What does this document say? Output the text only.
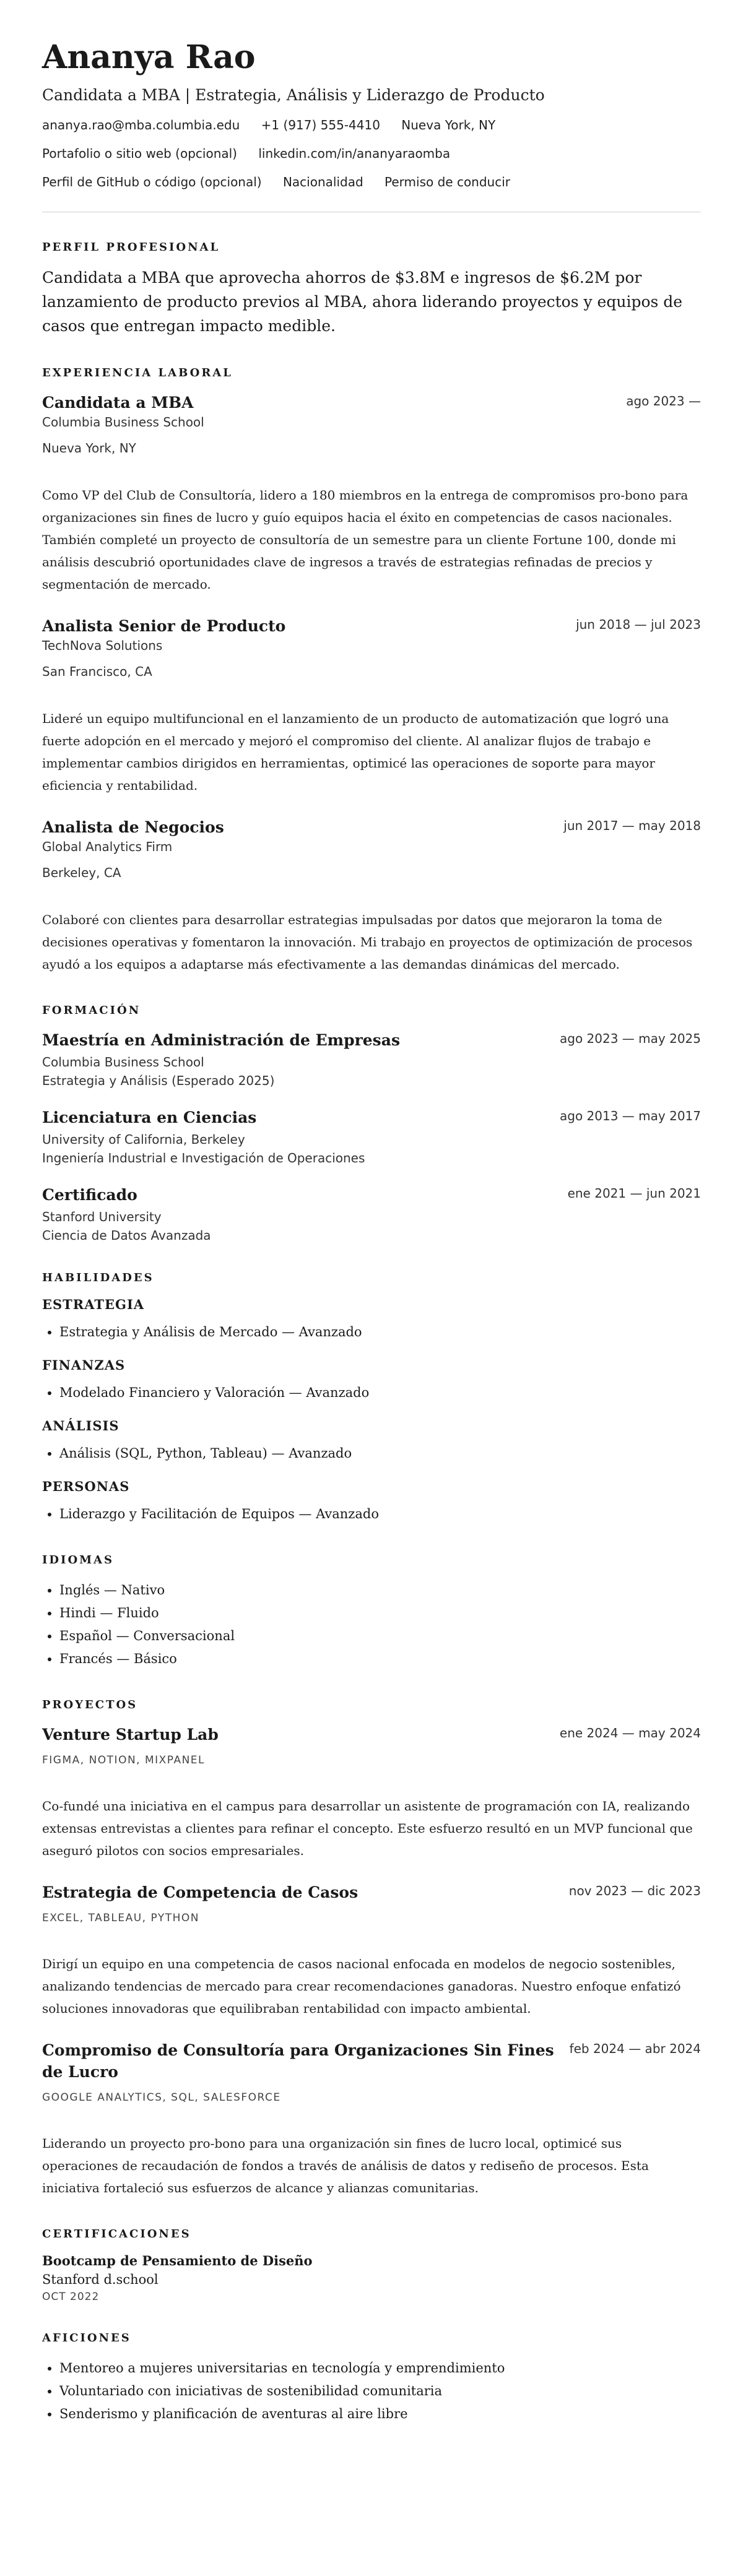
Ananya Rao
Candidata a MBA | Estrategia, Análisis y Liderazgo de Producto
ananya.rao@mba.columbia.edu +1 (917) 555-4410 Nueva York, NY
Portafolio o sitio web (opcional) linkedin.com/in/ananyaraomba
Perfil de GitHub o código (opcional) Nacionalidad Permiso de conducir
PERFIL PROFESIONAL

Candidata a MBA que aprovecha ahorros de $3.8M e ingresos de $6.2M por lanzamiento de producto previos al MBA, ahora liderando proyectos y equipos de casos que entregan impacto medible.

EXPERIENCIA LABORAL
Candidata a MBA	ago 2023 —
Columbia Business School
Nueva York, NY
Como VP del Club de Consultoría, lidero a 180 miembros en la entrega de compromisos pro-bono para organizaciones sin fines de lucro y guío equipos hacia el éxito en competencias de casos nacionales. También completé un proyecto de consultoría de un semestre para un cliente Fortune 100, donde mi análisis descubrió oportunidades clave de ingresos a través de estrategias refinadas de precios y segmentación de mercado.
Analista Senior de Producto	jun 2018 — jul 2023
TechNova Solutions
San Francisco, CA
Lideré un equipo multifuncional en el lanzamiento de un producto de automatización que logró una fuerte adopción en el mercado y mejoró el compromiso del cliente. Al analizar flujos de trabajo e implementar cambios dirigidos en herramientas, optimicé las operaciones de soporte para mayor eficiencia y rentabilidad.
Analista de Negocios	jun 2017 — may 2018
Global Analytics Firm
Berkeley, CA
Colaboré con clientes para desarrollar estrategias impulsadas por datos que mejoraron la toma de decisiones operativas y fomentaron la innovación. Mi trabajo en proyectos de optimización de procesos ayudó a los equipos a adaptarse más efectivamente a las demandas dinámicas del mercado.
FORMACIÓN
Maestría en Administración de Empresas	ago 2023 — may 2025
Columbia Business School
Estrategia y Análisis (Esperado 2025)
Licenciatura en Ciencias	ago 2013 — may 2017
University of California, Berkeley
Ingeniería Industrial e Investigación de Operaciones
Certificado	ene 2021 — jun 2021
Stanford University
Ciencia de Datos Avanzada
HABILIDADES
ESTRATEGIA
• Estrategia y Análisis de Mercado — Avanzado
FINANZAS
• Modelado Financiero y Valoración — Avanzado
ANÁLISIS
• Análisis (SQL, Python, Tableau) — Avanzado
PERSONAS
• Liderazgo y Facilitación de Equipos — Avanzado
IDIOMAS
• Inglés — Nativo
• Hindi — Fluido
• Español — Conversacional
• Francés — Básico
PROYECTOS
Venture Startup Lab	ene 2024 — may 2024
FIGMA, NOTION, MIXPANEL
Co-fundé una iniciativa en el campus para desarrollar un asistente de programación con IA, realizando extensas entrevistas a clientes para refinar el concepto. Este esfuerzo resultó en un MVP funcional que aseguró pilotos con socios empresariales.
Estrategia de Competencia de Casos	nov 2023 — dic 2023
EXCEL, TABLEAU, PYTHON
Dirigí un equipo en una competencia de casos nacional enfocada en modelos de negocio sostenibles, analizando tendencias de mercado para crear recomendaciones ganadoras. Nuestro enfoque enfatizó soluciones innovadoras que equilibraban rentabilidad con impacto ambiental.
Compromiso de Consultoría para Organizaciones Sin Fines de Lucro
feb 2024 — abr 2024
GOOGLE ANALYTICS, SQL, SALESFORCE
Liderando un proyecto pro-bono para una organización sin fines de lucro local, optimicé sus operaciones de recaudación de fondos a través de análisis de datos y rediseño de procesos. Esta iniciativa fortaleció sus esfuerzos de alcance y alianzas comunitarias.
CERTIFICACIONES
Bootcamp de Pensamiento de Diseño
Stanford d.school
OCT 2022
AFICIONES
• Mentoreo a mujeres universitarias en tecnología y emprendimiento
• Voluntariado con iniciativas de sostenibilidad comunitaria
• Senderismo y planificación de aventuras al aire libre
